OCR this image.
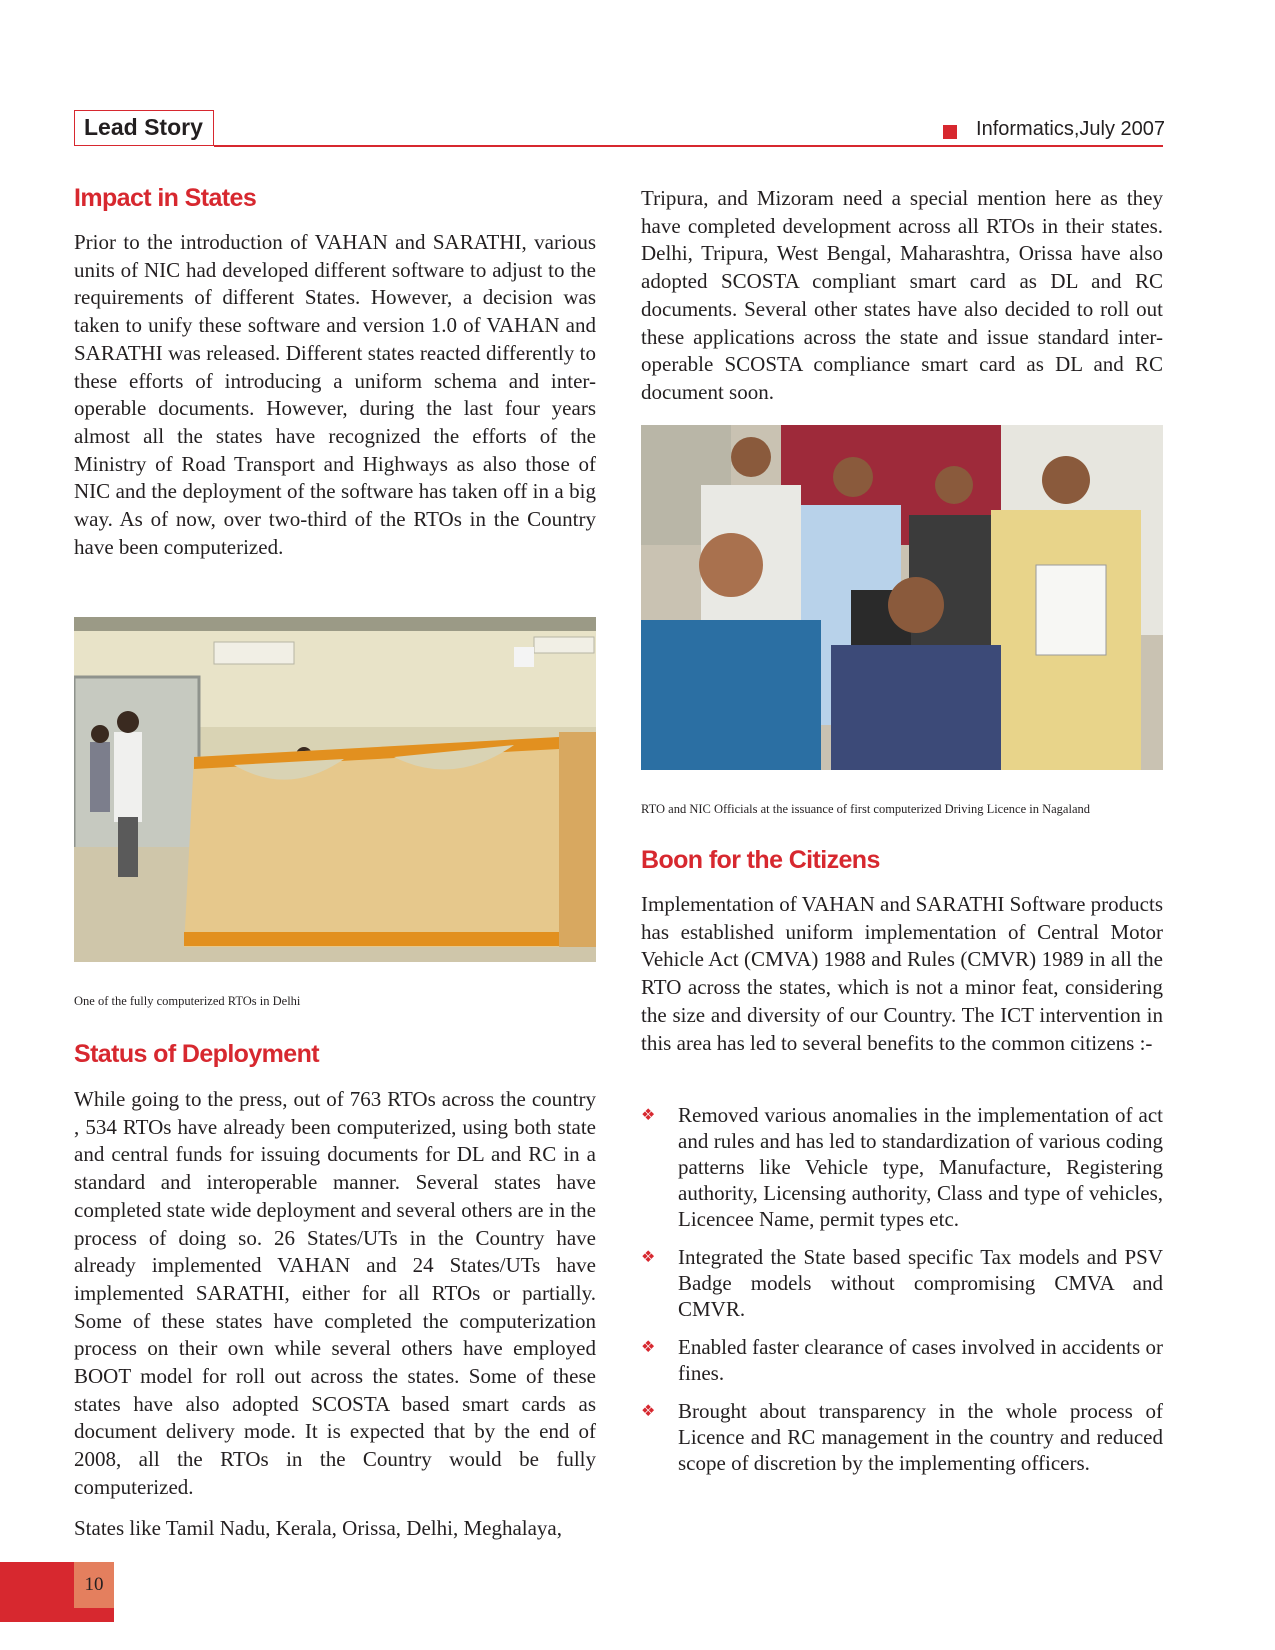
Lead Story	Informatics,July 2007
Impact in States

Prior to the introduction of VAHAN and SARATHI, various units of NIC had developed different software to adjust to the requirements of different States. However, a decision was taken to unify these software and version 1.0 of VAHAN and SARATHI was released. Different states reacted differently to these efforts of introducing a uniform schema and inter-operable documents. However, during the last four years almost all the states have recognized the efforts of the Ministry of Road Transport and Highways as also those of NIC and the deployment of the software has taken off in a big way. As of now, over two-third of the RTOs in the Country have been computerized.

One of the fully computerized RTOs in Delhi

Status of Deployment

While going to the press, out of 763 RTOs across the country , 534 RTOs have already been computerized, using both state and central funds for issuing documents for DL and RC in a standard and interoperable manner. Several states have completed state wide deployment and several others are in the process of doing so. 26 States/UTs in the Country have already implemented VAHAN and 24 States/UTs have implemented SARATHI, either for all RTOs or partially. Some of these states have completed the computerization process on their own while several others have employed BOOT model for roll out across the states. Some of these states have also adopted SCOSTA based smart cards as document delivery mode. It is expected that by the end of 2008, all the RTOs in the Country would be fully computerized.

States like Tamil Nadu, Kerala, Orissa, Delhi, Meghalaya,

Tripura, and Mizoram need a special mention here as they have completed development across all RTOs in their states. Delhi, Tripura, West Bengal, Maharashtra, Orissa have also adopted SCOSTA compliant smart card as DL and RC documents. Several other states have also decided to roll out these applications across the state and issue standard inter-operable SCOSTA compliance smart card as DL and RC document soon.

RTO and NIC Officials at the issuance of first computerized Driving Licence in Nagaland

Boon for the Citizens

Implementation of VAHAN and SARATHI Software products has established uniform implementation of Central Motor Vehicle Act (CMVA) 1988 and Rules (CMVR) 1989 in all the RTO across the states, which is not a minor feat, considering the size and diversity of our Country. The ICT intervention in this area has led to several benefits to the common citizens :-

❖ Removed various anomalies in the implementation of act and rules and has led to standardization of various coding patterns like Vehicle type, Manufacture, Registering authority, Licensing authority, Class and type of vehicles, Licencee Name, permit types etc.
❖ Integrated the State based specific Tax models and PSV Badge models without compromising CMVA and CMVR.
❖ Enabled faster clearance of cases involved in accidents or fines.
❖ Brought about transparency in the whole process of Licence and RC management in the country and reduced scope of discretion by the implementing officers.
10
